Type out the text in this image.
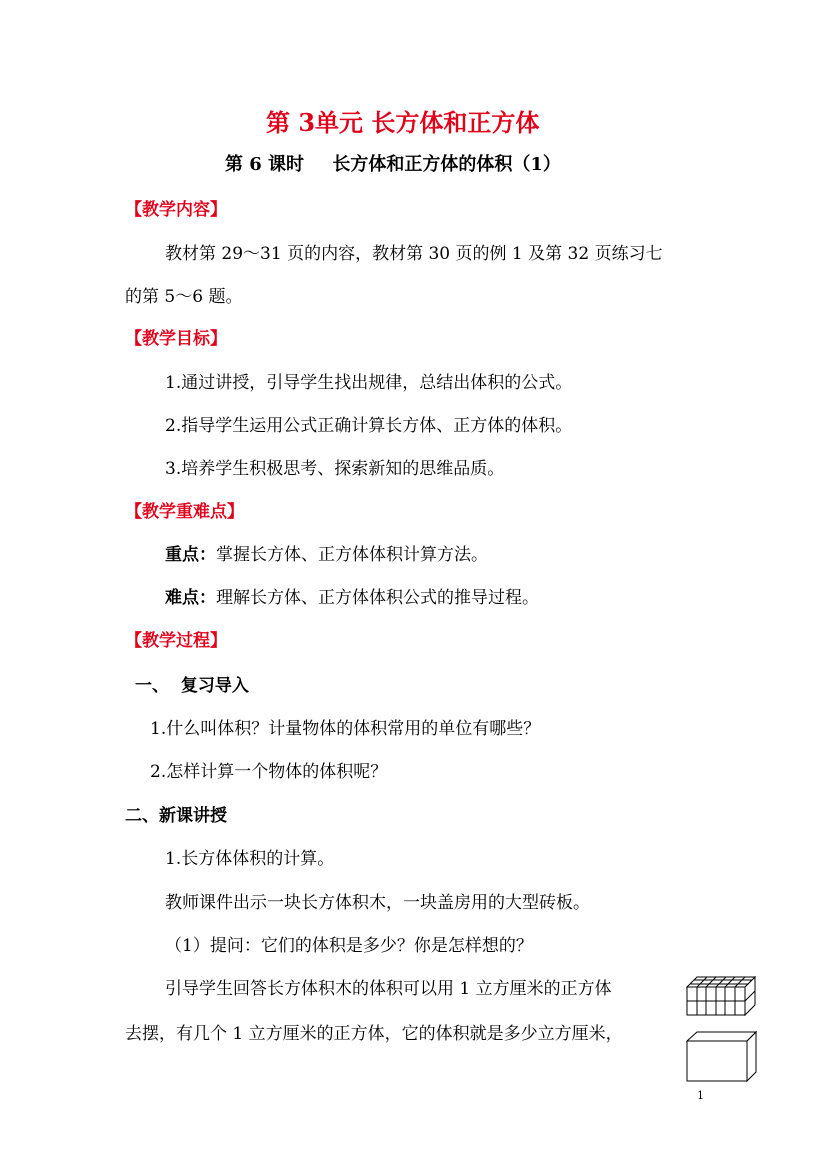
第 3单元 长方体和正方体
第 6 课时 长方体和正方体的体积（1）
【教学内容】
教材第 29～31 页的内容，教材第 30 页的例 1 及第 32 页练习七
的第 5～6 题。
【教学目标】
1.通过讲授，引导学生找出规律，总结出体积的公式。
2.指导学生运用公式正确计算长方体、正方体的体积。
3.培养学生积极思考、探索新知的思维品质。
【教学重难点】
重点：掌握长方体、正方体体积计算方法。
难点：理解长方体、正方体体积公式的推导过程。
【教学过程】
一、  复习导入
1.什么叫体积？计量物体的体积常用的单位有哪些？
2.怎样计算一个物体的体积呢？
二、新课讲授
1.长方体体积的计算。
教师课件出示一块长方体积木，一块盖房用的大型砖板。
（1）提问：它们的体积是多少？你是怎样想的？
引导学生回答长方体积木的体积可以用 1 立方厘米的正方体
去摆，有几个 1 立方厘米的正方体，它的体积就是多少立方厘米，
1
